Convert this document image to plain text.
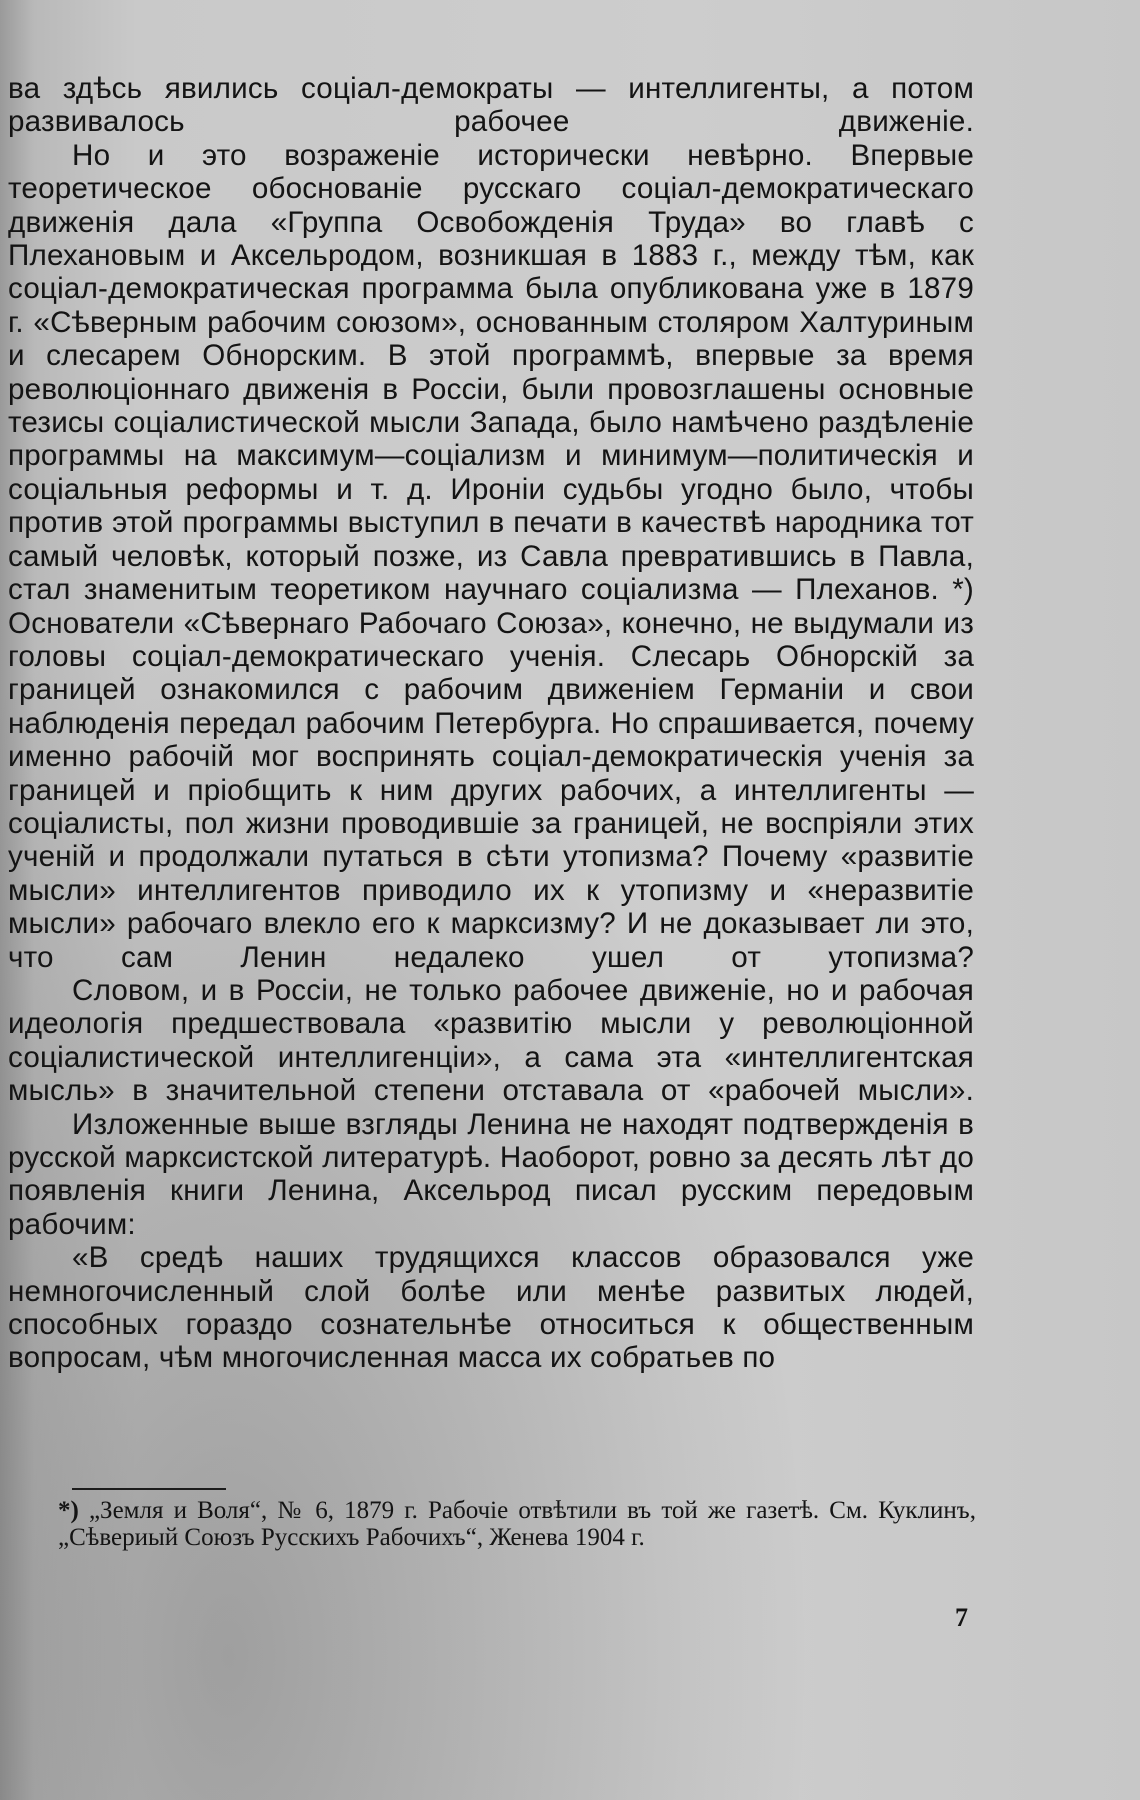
ва здѣсь явились соціал-демократы — интеллигенты, а потом развивалось рабочее движеніе.

Но и это возраженіе исторически невѣрно. Впервые теоретическое обоснованіе русскаго соціал-демократическаго движенія дала «Группа Освобожденія Труда» во главѣ с Плехановым и Аксельродом, возникшая в 1883 г., между тѣм, как соціал-демократическая программа была опубликована уже в 1879 г. «Сѣверным рабочим союзом», основанным столяром Халтуриным и слесарем Обнорским. В этой программѣ, впервые за время революціоннаго движенія в Россіи, были провозглашены основные тезисы соціалистической мысли Запада, было намѣчено раздѣленіе программы на максимум—соціализм и минимум—политическія и соціальныя реформы и т. д. Ироніи судьбы угодно было, чтобы против этой программы выступил в печати в качествѣ народника тот самый человѣк, который позже, из Савла превратившись в Павла, стал знаменитым теоретиком научнаго соціализма — Плеханов. *) Основатели «Сѣвернаго Рабочаго Союза», конечно, не выдумали из головы соціал-демократическаго ученія. Слесарь Обнорскій за границей ознакомился с рабочим движеніем Германіи и свои наблюденія передал рабочим Петербурга. Но спрашивается, почему именно рабочій мог воспринять соціал-демократическія ученія за границей и пріобщить к ним других рабочих, а интеллигенты — соціалисты, пол жизни проводившіе за границей, не воспріяли этих ученій и продолжали путаться в сѣти утопизма? Почему «развитіе мысли» интеллигентов приводило их к утопизму и «неразвитіе мысли» рабочаго влекло его к марксизму? И не доказывает ли это, что сам Ленин недалеко ушел от утопизма?

Словом, и в Россіи, не только рабочее движеніе, но и рабочая идеологія предшествовала «развитію мысли у революціонной соціалистической интеллигенціи», а сама эта «интеллигентская мысль» в значительной степени отставала от «рабочей мысли».

Изложенные выше взгляды Ленина не находят подтвержденія в русской марксистской литературѣ. Наоборот, ровно за десять лѣт до появленія книги Ленина, Аксельрод писал русским передовым рабочим:

«В средѣ наших трудящихся классов образовался уже немногочисленный слой болѣе или менѣе развитых людей, способных гораздо сознательнѣе относиться к общественным вопросам, чѣм многочисленная масса их собратьев по

*) „Земля и Воля“, № 6, 1879 г. Рабочіе отвѣтили въ той же газетѣ. См. Куклинъ, „Сѣвериый Союзъ Русскихъ Рабочихъ“, Женева 1904 г.
7
